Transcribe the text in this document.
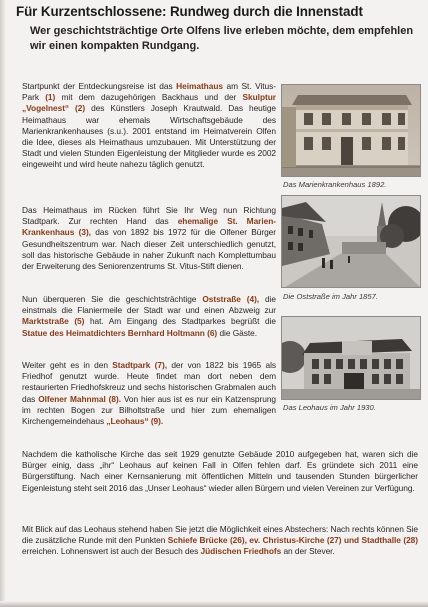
Für Kurzentschlossene: Rundweg durch die Innenstadt
Wer geschichtsträchtige Orte Olfens live erleben möchte, dem empfehlen wir einen kompakten Rundgang.
Startpunkt der Entdeckungsreise ist das Heimathaus am St. Vitus-Park (1) mit dem dazugehörigen Backhaus und der Skulptur „Vogelnest“ (2) des Künstlers Joseph Krautwald. Das heutige Heimathaus war ehemals Wirtschaftsgebäude des Marienkrankenhauses (s.u.). 2001 entstand im Heimatverein Olfen die Idee, dieses als Heimathaus umzubauen. Mit Unterstützung der Stadt und vielen Stunden Eigenleistung der Mitglieder wurde es 2002 eingeweiht und wird heute nahezu täglich genutzt.
Das Heimathaus im Rücken führt Sie Ihr Weg nun Richtung Stadtpark. Zur rechten Hand das ehemalige St. Marien-Krankenhaus (3), das von 1892 bis 1972 für die Olfener Bürger Gesundheitszentrum war. Nach dieser Zeit unterschiedlich genutzt, soll das historische Gebäude in naher Zukunft nach Komplettumbau der Erweiterung des Seniorenzentrums St. Vitus-Stift dienen.
Nun überqueren Sie die geschichtsträchtige Oststraße (4), die einstmals die Flaniermeile der Stadt war und einen Abzweig zur Marktstraße (5) hat. Am Eingang des Stadtparkes begrüßt die Statue des Heimatdichters Bernhard Holtmann (6) die Gäste.
Weiter geht es in den Stadtpark (7), der von 1822 bis 1965 als Friedhof genutzt wurde. Heute findet man dort neben dem restaurierten Friedhofskreuz und sechs historischen Grabmalen auch das Olfener Mahnmal (8). Von hier aus ist es nur ein Katzensprung im rechten Bogen zur Bilholtstraße und hier zum ehemaligen Kirchengemeindehaus „Leohaus“ (9).
Nachdem die katholische Kirche das seit 1929 genutzte Gebäude 2010 aufgegeben hat, waren sich die Bürger einig, dass „ihr“ Leohaus auf keinen Fall in Olfen fehlen darf. Es gründete sich 2011 eine Bürgerstiftung. Nach einer Kernsanierung mit öffentlichen Mitteln und tausenden Stunden bürgerlicher Eigenleistung steht seit 2016 das „Unser Leohaus“ wieder allen Bürgern und vielen Vereinen zur Verfügung.
Mit Blick auf das Leohaus stehend haben Sie jetzt die Möglichkeit eines Abstechers: Nach rechts können Sie die zusätzliche Runde mit den Punkten Schiefe Brücke (26), ev. Christus-Kirche (27) und Stadthalle (28) erreichen. Lohnenswert ist auch der Besuch des Jüdischen Friedhofs an der Stever.
Das Marienkrankenhaus 1892.
Die Oststraße im Jahr 1857.
Das Leohaus im Jahr 1930.
